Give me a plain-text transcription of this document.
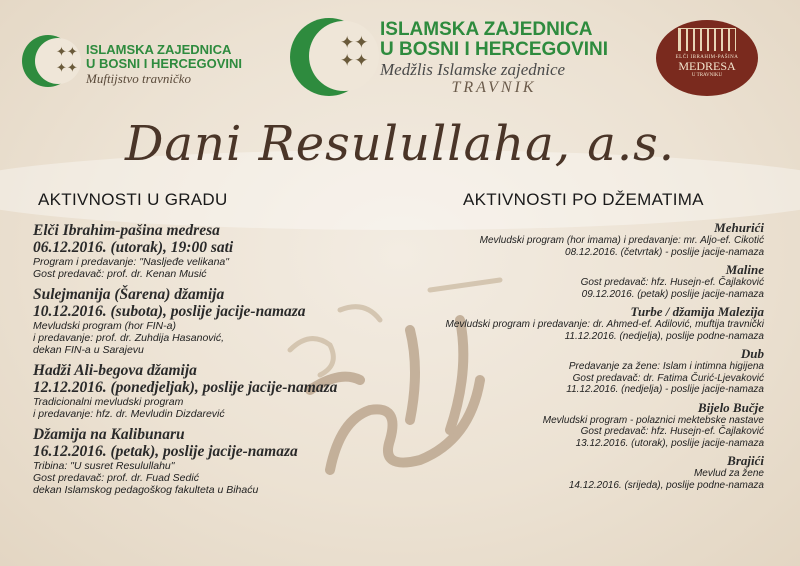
✦✦
✦✦
ISLAMSKA ZAJEDNICA
U BOSNI I HERCEGOVINI
Muftijstvo travničko
✦✦
✦✦
ISLAMSKA ZAJEDNICA
U BOSNI I HERCEGOVINI
Medžlis Islamske zajednice
TRAVNIK
ELČI IBRAHIM-PAŠINA
MEDRESA
U TRAVNIKU
Dani Resulullaha, a.s.
AKTIVNOSTI U GRADU	AKTIVNOSTI PO DŽEMATIMA
Elči Ibrahim-pašina medresa
06.12.2016. (utorak), 19:00 sati
Program i predavanje: "Nasljeđe velikana"
Gost predavač: prof. dr. Kenan Musić
Sulejmanija (Šarena) džamija
10.12.2016. (subota), poslije jacije-namaza
Mevludski program (hor FIN-a)
i predavanje: prof. dr. Zuhdija Hasanović,
dekan FIN-a u Sarajevu
Hadži Ali-begova džamija
12.12.2016. (ponedjeljak), poslije jacije-namaza
Tradicionalni mevludski program
i predavanje: hfz. dr. Mevludin Dizdarević
Džamija na Kalibunaru
16.12.2016. (petak), poslije jacije-namaza
Tribina: "U susret Resulullahu"
Gost predavač: prof. dr. Fuad Sedić
dekan Islamskog pedagoškog fakulteta u Bihaću
Mehurići
Mevludski program (hor imama) i predavanje: mr. Aljo-ef. Cikotić
08.12.2016. (četvrtak) - poslije jacije-namaza
Maline
Gost predavač: hfz. Husejn-ef. Čajlaković
09.12.2016. (petak) poslije jacije-namaza
Turbe / džamija Malezija
Mevludski program i predavanje: dr. Ahmed-ef. Adilović, muftija travnički
11.12.2016. (nedjelja), poslije podne-namaza
Dub
Predavanje za žene: Islam i intimna higijena
Gost predavač: dr. Fatima Čurić-Ljevaković
11.12.2016. (nedjelja) - poslije jacije-namaza
Bijelo Bučje
Mevludski program - polaznici mektebske nastave
Gost predavač: hfz. Husejn-ef. Čajlaković
13.12.2016. (utorak), poslije jacije-namaza
Brajići
Mevlud za žene
14.12.2016. (srijeda), poslije podne-namaza
